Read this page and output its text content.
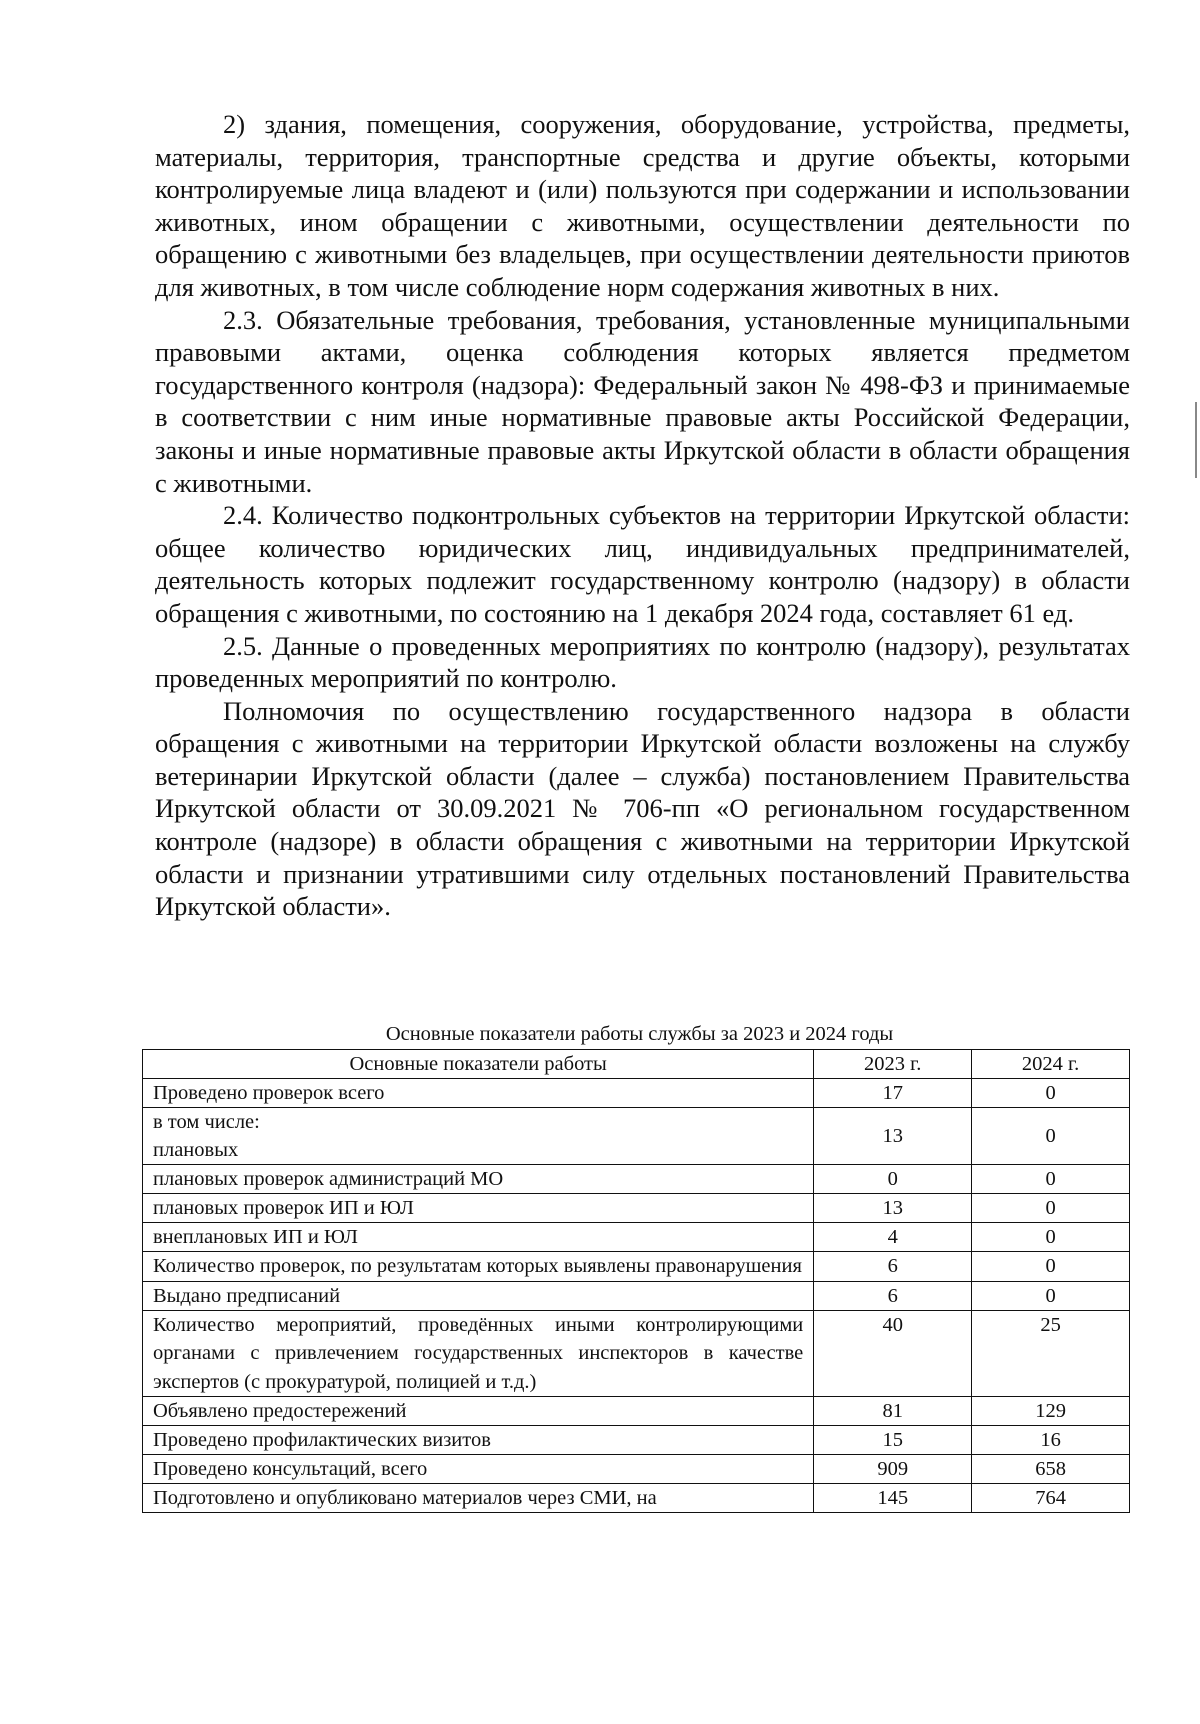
2) здания, помещения, сооружения, оборудование, устройства, предметы, материалы, территория, транспортные средства и другие объекты, которыми контролируемые лица владеют и (или) пользуются при содержании и использовании животных, ином обращении с животными, осуществлении деятельности по обращению с животными без владельцев, при осуществлении деятельности приютов для животных, в том числе соблюдение норм содержания животных в них.

2.3. Обязательные требования, требования, установленные муниципальными правовыми актами, оценка соблюдения которых является предметом государственного контроля (надзора): Федеральный закон № 498-ФЗ и принимаемые в соответствии с ним иные нормативные правовые акты Российской Федерации, законы и иные нормативные правовые акты Иркутской области в области обращения с животными.

2.4. Количество подконтрольных субъектов на территории Иркутской области: общее количество юридических лиц, индивидуальных предпринимателей, деятельность которых подлежит государственному контролю (надзору) в области обращения с животными, по состоянию на 1 декабря 2024 года, составляет 61 ед.

2.5. Данные о проведенных мероприятиях по контролю (надзору), результатах проведенных мероприятий по контролю.

Полномочия по осуществлению государственного надзора в области обращения с животными на территории Иркутской области возложены на службу ветеринарии Иркутской области (далее – служба) постановлением Правительства Иркутской области от 30.09.2021 № 706-пп «О региональном государственном контроле (надзоре) в области обращения с животными на территории Иркутской области и признании утратившими силу отдельных постановлений Правительства Иркутской области».

Основные показатели работы службы за 2023 и 2024 годы
Основные показатели работы	2023 г.	2024 г.
Проведено проверок всего	17	0

в том числе:
плановых	13	0
плановых проверок администраций МО	0	0
плановых проверок ИП и ЮЛ	13	0
внеплановых ИП и ЮЛ	4	0
Количество проверок, по результатам которых выявлены правонарушения	6	0
Выдано предписаний	6	0
Количество мероприятий, проведённых иными контролирующими органами с привлечением государственных инспекторов в качестве экспертов (с прокуратурой, полицией и т.д.)	40	25
Объявлено предостережений	81	129
Проведено профилактических визитов	15	16
Проведено консультаций, всего	909	658
Подготовлено и опубликовано материалов через СМИ, на	145	764
